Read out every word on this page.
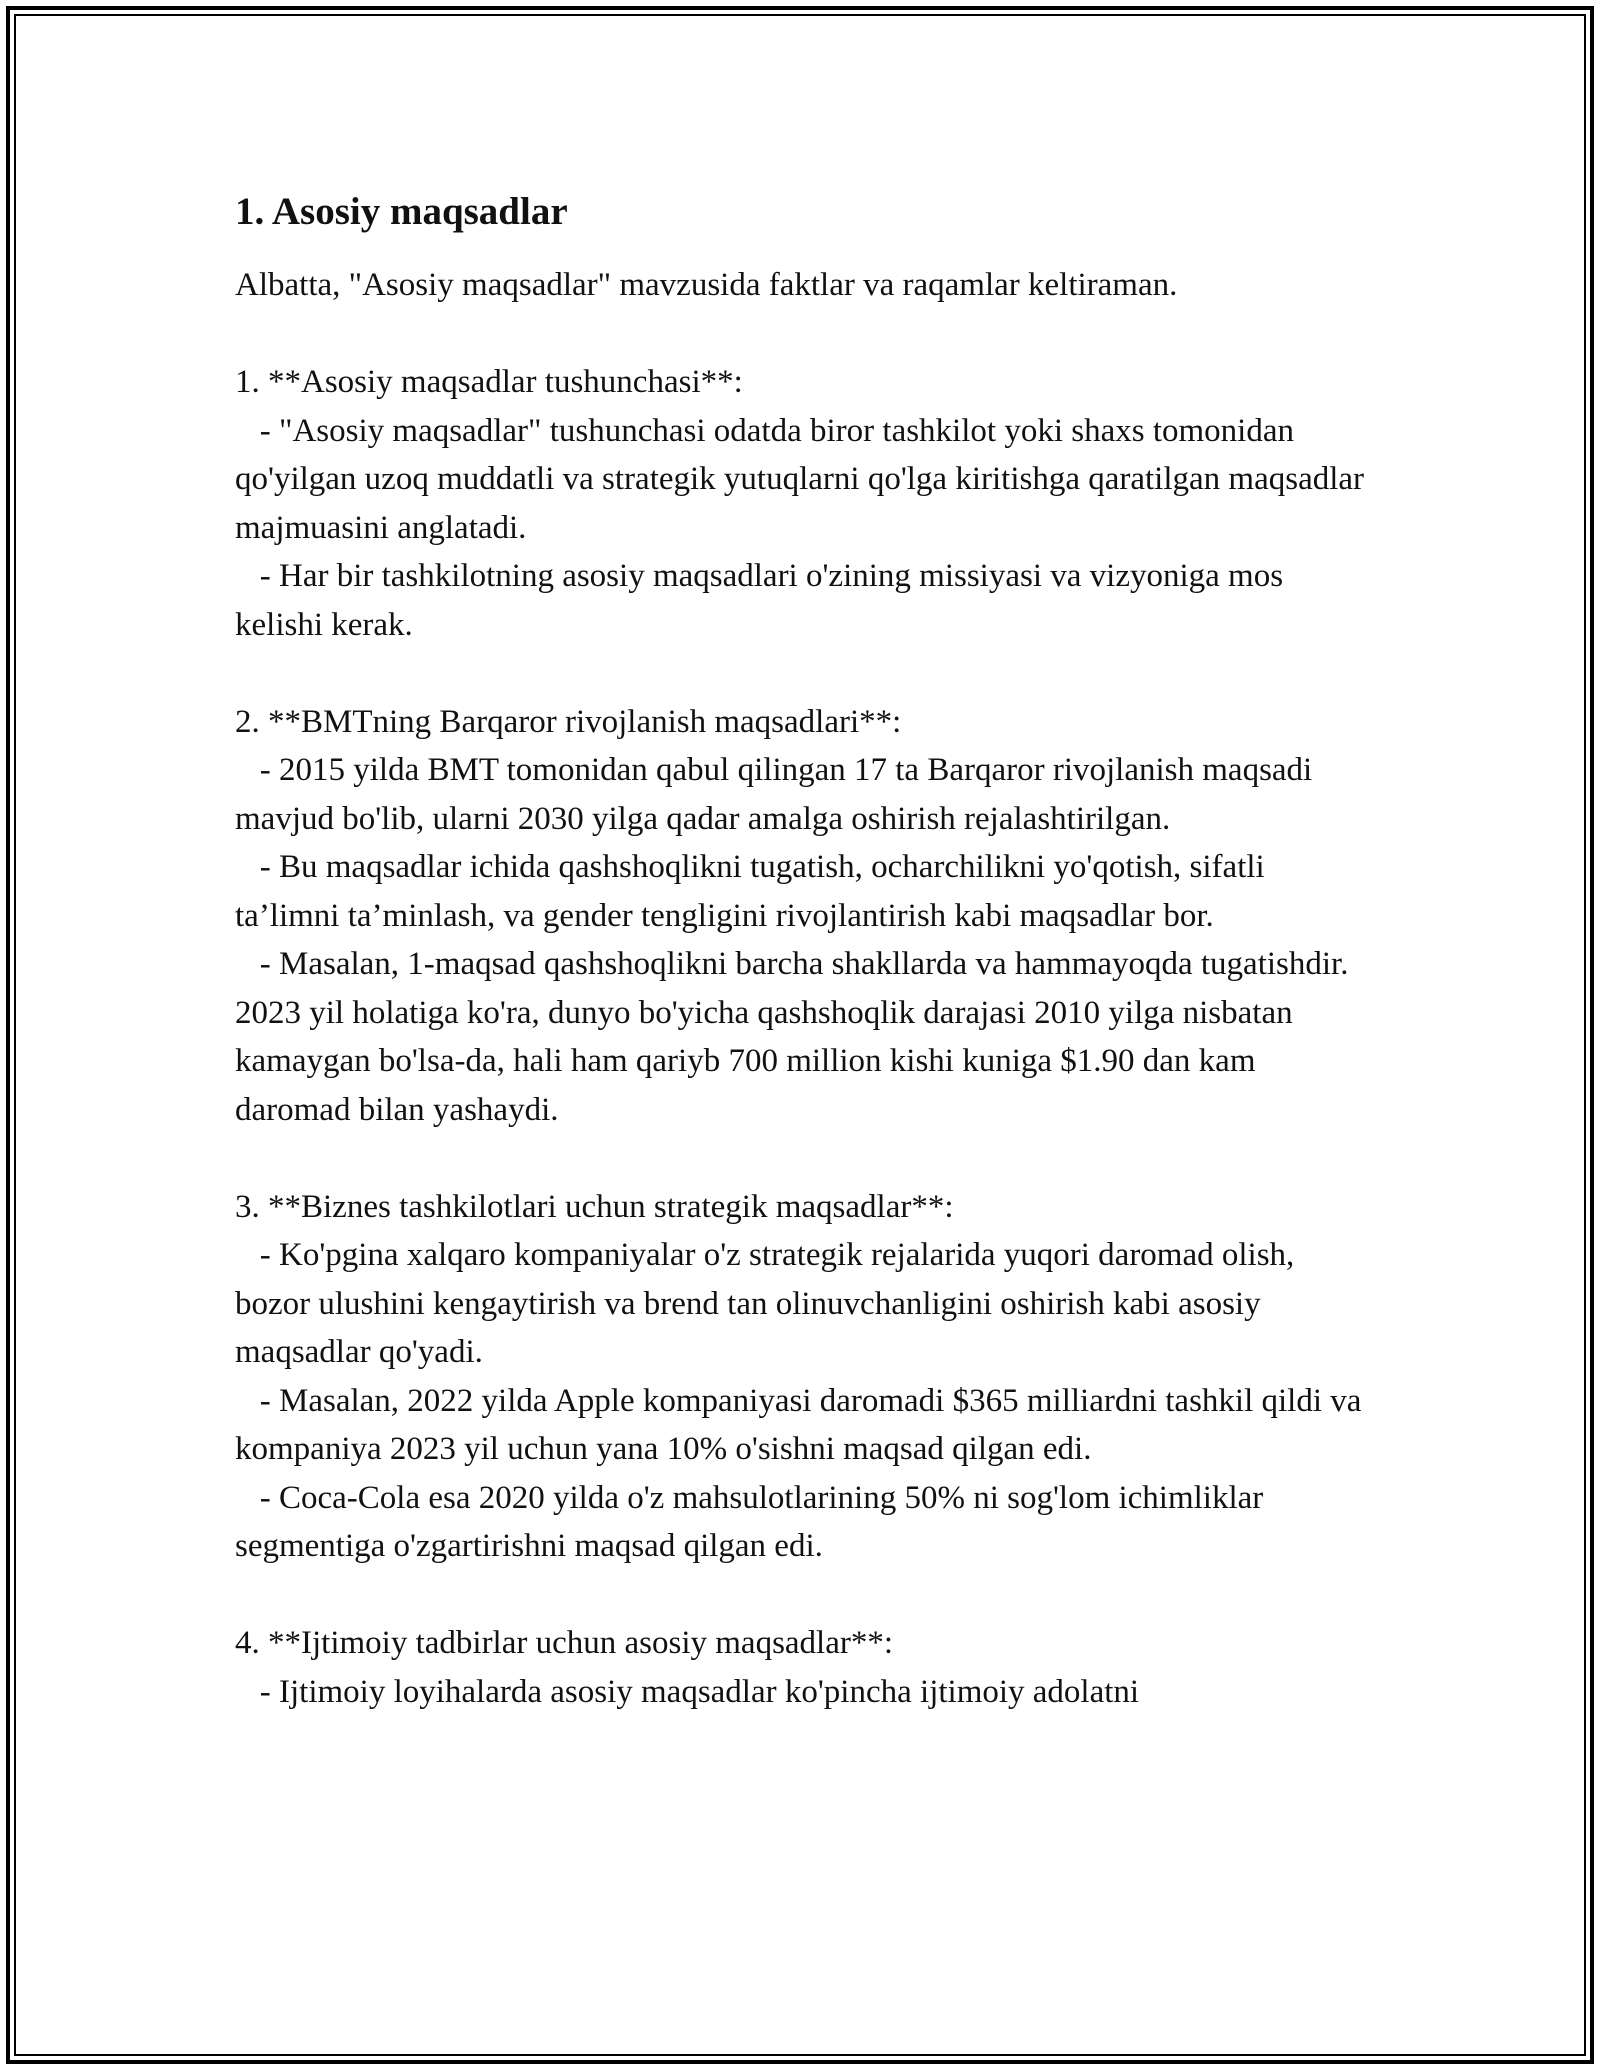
1. Asosiy maqsadlar
Albatta, "Asosiy maqsadlar" mavzusida faktlar va raqamlar keltiraman.

1. **Asosiy maqsadlar tushunchasi**:
- "Asosiy maqsadlar" tushunchasi odatda biror tashkilot yoki shaxs tomonidan qo'yilgan uzoq muddatli va strategik yutuqlarni qo'lga kiritishga qaratilgan maqsadlar majmuasini anglatadi.
- Har bir tashkilotning asosiy maqsadlari o'zining missiyasi va vizyoniga mos kelishi kerak.

2. **BMTning Barqaror rivojlanish maqsadlari**:
- 2015 yilda BMT tomonidan qabul qilingan 17 ta Barqaror rivojlanish maqsadi mavjud bo'lib, ularni 2030 yilga qadar amalga oshirish rejalashtirilgan.
- Bu maqsadlar ichida qashshoqlikni tugatish, ocharchilikni yo'qotish, sifatli ta’limni ta’minlash, va gender tengligini rivojlantirish kabi maqsadlar bor.
- Masalan, 1-maqsad qashshoqlikni barcha shakllarda va hammayoqda tugatishdir. 2023 yil holatiga ko'ra, dunyo bo'yicha qashshoqlik darajasi 2010 yilga nisbatan kamaygan bo'lsa-da, hali ham qariyb 700 million kishi kuniga $1.90 dan kam daromad bilan yashaydi.

3. **Biznes tashkilotlari uchun strategik maqsadlar**:
- Ko'pgina xalqaro kompaniyalar o'z strategik rejalarida yuqori daromad olish, bozor ulushini kengaytirish va brend tan olinuvchanligini oshirish kabi asosiy maqsadlar qo'yadi.
- Masalan, 2022 yilda Apple kompaniyasi daromadi $365 milliardni tashkil qildi va kompaniya 2023 yil uchun yana 10% o'sishni maqsad qilgan edi.
- Coca-Cola esa 2020 yilda o'z mahsulotlarining 50% ni sog'lom ichimliklar segmentiga o'zgartirishni maqsad qilgan edi.

4. **Ijtimoiy tadbirlar uchun asosiy maqsadlar**:
- Ijtimoiy loyihalarda asosiy maqsadlar ko'pincha ijtimoiy adolatni
